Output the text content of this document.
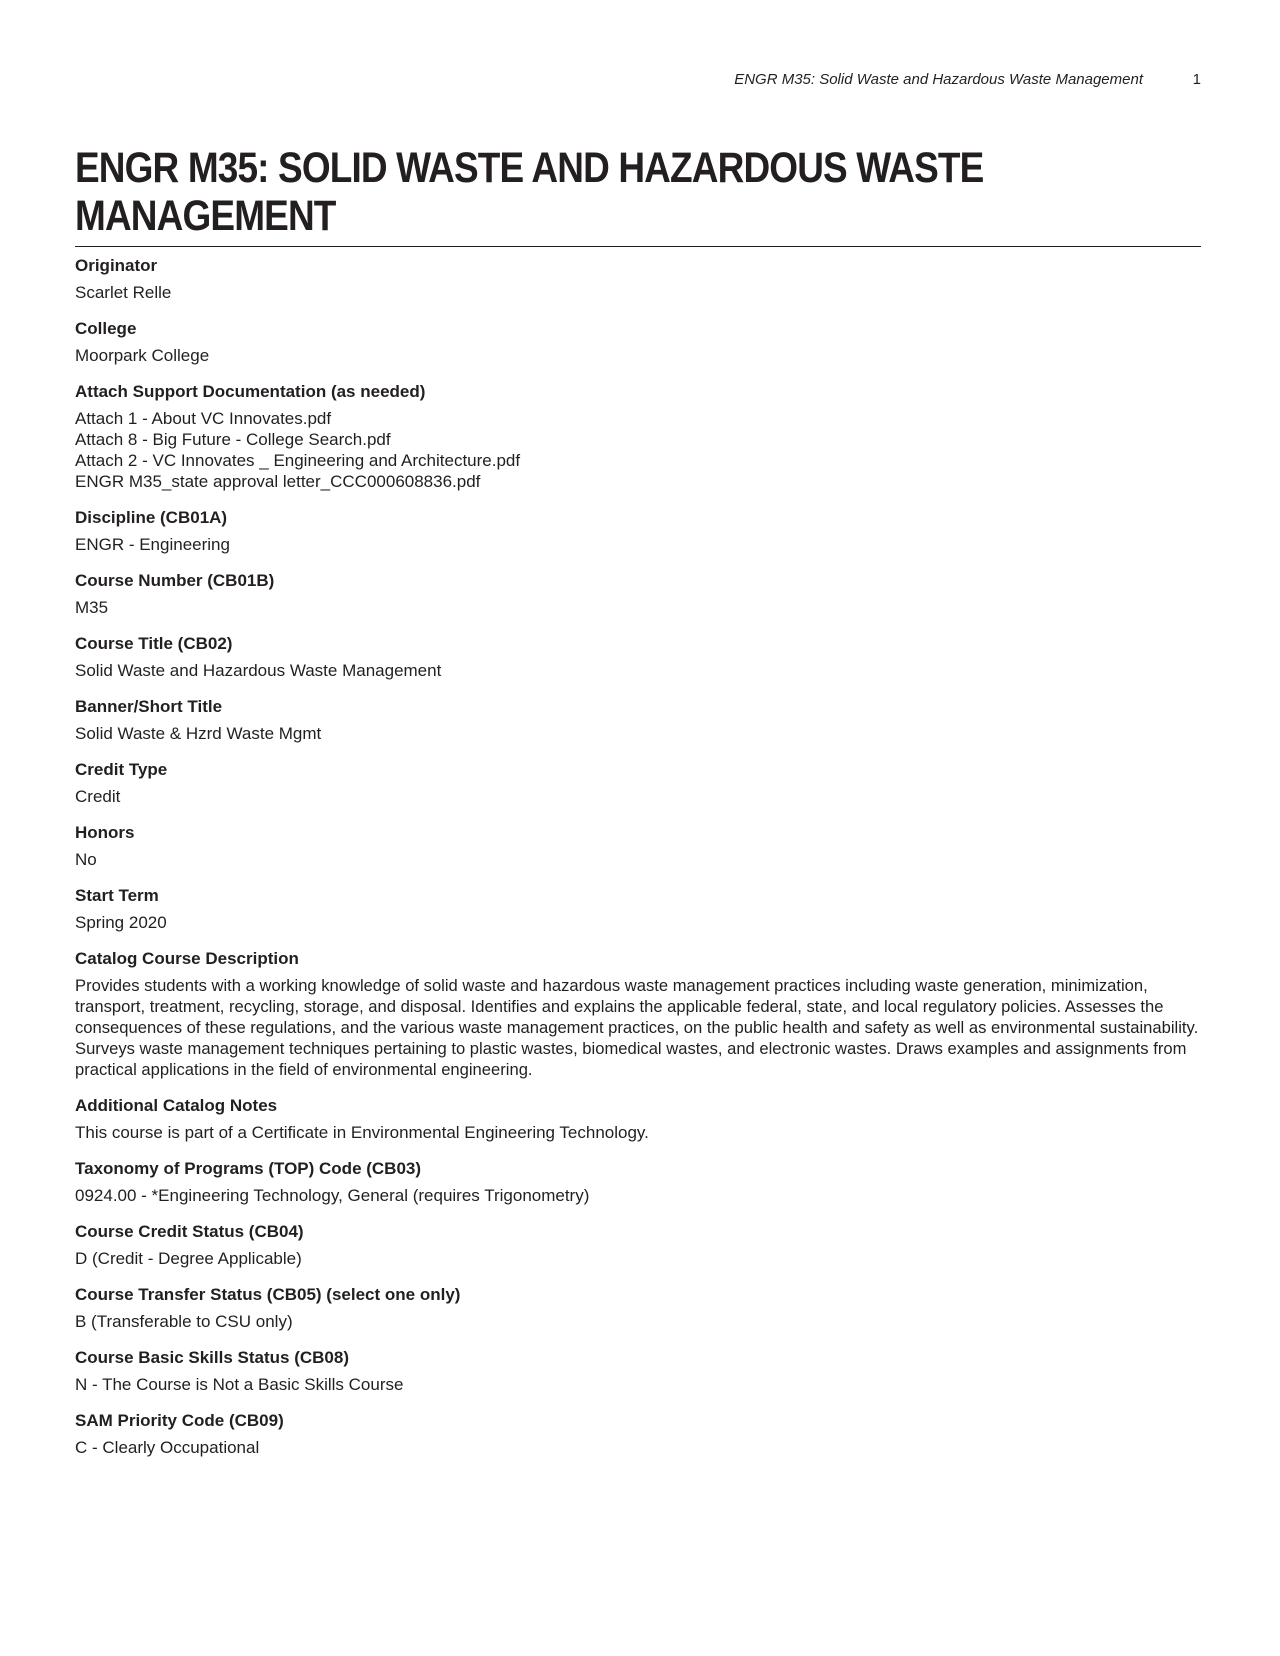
ENGR M35: Solid Waste and Hazardous Waste Management	1
ENGR M35: SOLID WASTE AND HAZARDOUS WASTE
MANAGEMENT
Originator
Scarlet Relle
College
Moorpark College
Attach Support Documentation (as needed)
Attach 1 - About VC Innovates.pdf
Attach 8 - Big Future - College Search.pdf
Attach 2 - VC Innovates _ Engineering and Architecture.pdf
ENGR M35_state approval letter_CCC000608836.pdf
Discipline (CB01A)
ENGR - Engineering
Course Number (CB01B)
M35
Course Title (CB02)
Solid Waste and Hazardous Waste Management
Banner/Short Title
Solid Waste & Hzrd Waste Mgmt
Credit Type
Credit
Honors
No
Start Term
Spring 2020
Catalog Course Description
Provides students with a working knowledge of solid waste and hazardous waste management practices including waste generation, minimization, transport, treatment, recycling, storage, and disposal. Identifies and explains the applicable federal, state, and local regulatory policies. Assesses the consequences of these regulations, and the various waste management practices, on the public health and safety as well as environmental sustainability. Surveys waste management techniques pertaining to plastic wastes, biomedical wastes, and electronic wastes. Draws examples and assignments from practical applications in the field of environmental engineering.
Additional Catalog Notes
This course is part of a Certificate in Environmental Engineering Technology.
Taxonomy of Programs (TOP) Code (CB03)
0924.00 - *Engineering Technology, General (requires Trigonometry)
Course Credit Status (CB04)
D (Credit - Degree Applicable)
Course Transfer Status (CB05) (select one only)
B (Transferable to CSU only)
Course Basic Skills Status (CB08)
N - The Course is Not a Basic Skills Course
SAM Priority Code (CB09)
C - Clearly Occupational
